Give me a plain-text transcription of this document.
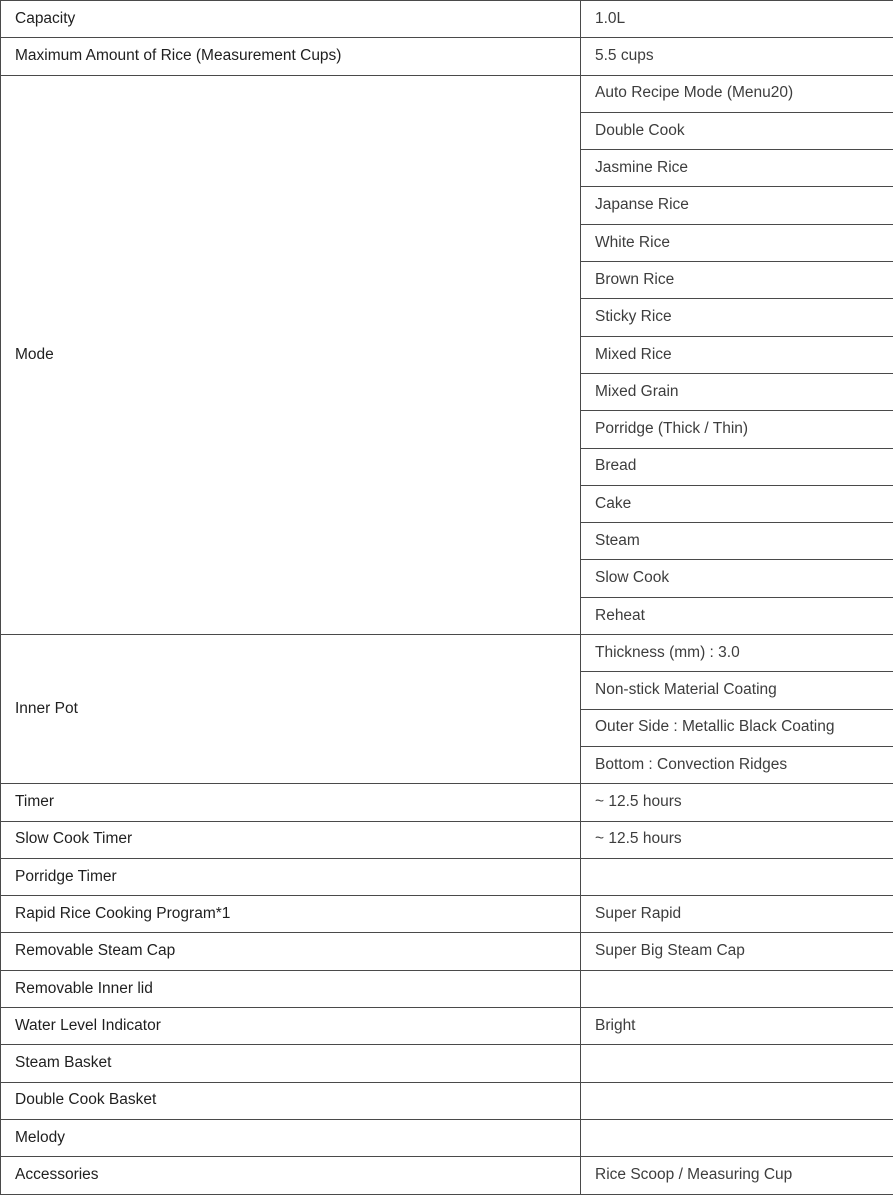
Capacity	1.0L
Maximum Amount of Rice (Measurement Cups)	5.5 cups
Mode	Auto Recipe Mode (Menu20)
	Double Cook
	Jasmine Rice
	Japanse Rice
	White Rice
	Brown Rice
	Sticky Rice
	Mixed Rice
	Mixed Grain
	Porridge (Thick / Thin)
	Bread
	Cake
	Steam
	Slow Cook
	Reheat
Inner Pot	Thickness (mm) : 3.0
	Non-stick Material Coating
	Outer Side : Metallic Black Coating
	Bottom : Convection Ridges
Timer	~ 12.5 hours
Slow Cook Timer	~ 12.5 hours
Porridge Timer	
Rapid Rice Cooking Program*1	Super Rapid
Removable Steam Cap	Super Big Steam Cap
Removable Inner lid	
Water Level Indicator	Bright
Steam Basket	
Double Cook Basket	
Melody	
Accessories	Rice Scoop / Measuring Cup
